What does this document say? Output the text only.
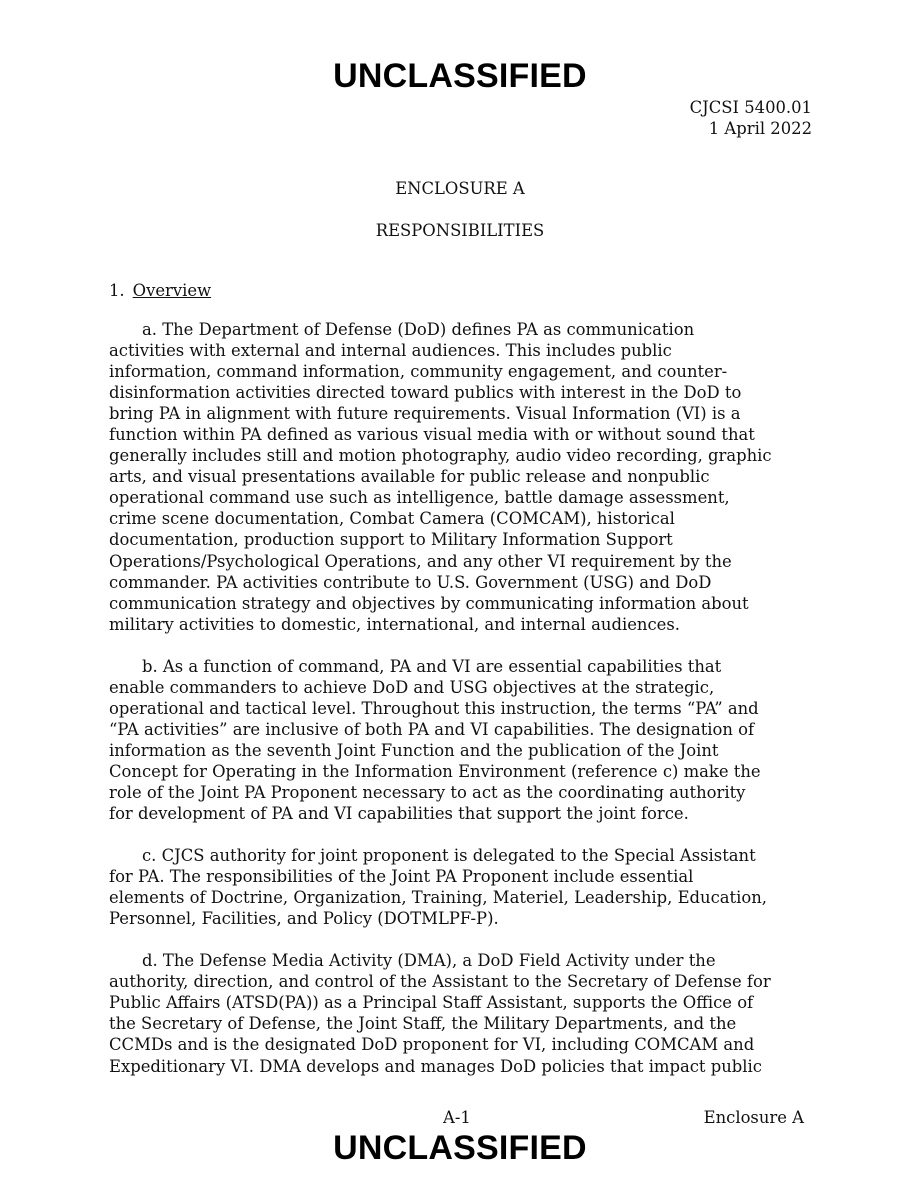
UNCLASSIFIED
CJCSI 5400.01
1 April 2022
ENCLOSURE A
RESPONSIBILITIES
1. Overview

a. The Department of Defense (DoD) defines PA as communication
activities with external and internal audiences. This includes public
information, command information, community engagement, and counter-
disinformation activities directed toward publics with interest in the DoD to
bring PA in alignment with future requirements. Visual Information (VI) is a
function within PA defined as various visual media with or without sound that
generally includes still and motion photography, audio video recording, graphic
arts, and visual presentations available for public release and nonpublic
operational command use such as intelligence, battle damage assessment,
crime scene documentation, Combat Camera (COMCAM), historical
documentation, production support to Military Information Support
Operations/Psychological Operations, and any other VI requirement by the
commander. PA activities contribute to U.S. Government (USG) and DoD
communication strategy and objectives by communicating information about
military activities to domestic, international, and internal audiences.

b. As a function of command, PA and VI are essential capabilities that
enable commanders to achieve DoD and USG objectives at the strategic,
operational and tactical level. Throughout this instruction, the terms “PA” and
“PA activities” are inclusive of both PA and VI capabilities. The designation of
information as the seventh Joint Function and the publication of the Joint
Concept for Operating in the Information Environment (reference c) make the
role of the Joint PA Proponent necessary to act as the coordinating authority
for development of PA and VI capabilities that support the joint force.

c. CJCS authority for joint proponent is delegated to the Special Assistant
for PA. The responsibilities of the Joint PA Proponent include essential
elements of Doctrine, Organization, Training, Materiel, Leadership, Education,
Personnel, Facilities, and Policy (DOTMLPF-P).

d. The Defense Media Activity (DMA), a DoD Field Activity under the
authority, direction, and control of the Assistant to the Secretary of Defense for
Public Affairs (ATSD(PA)) as a Principal Staff Assistant, supports the Office of
the Secretary of Defense, the Joint Staff, the Military Departments, and the
CCMDs and is the designated DoD proponent for VI, including COMCAM and
Expeditionary VI. DMA develops and manages DoD policies that impact public

A-1	Enclosure A
UNCLASSIFIED
